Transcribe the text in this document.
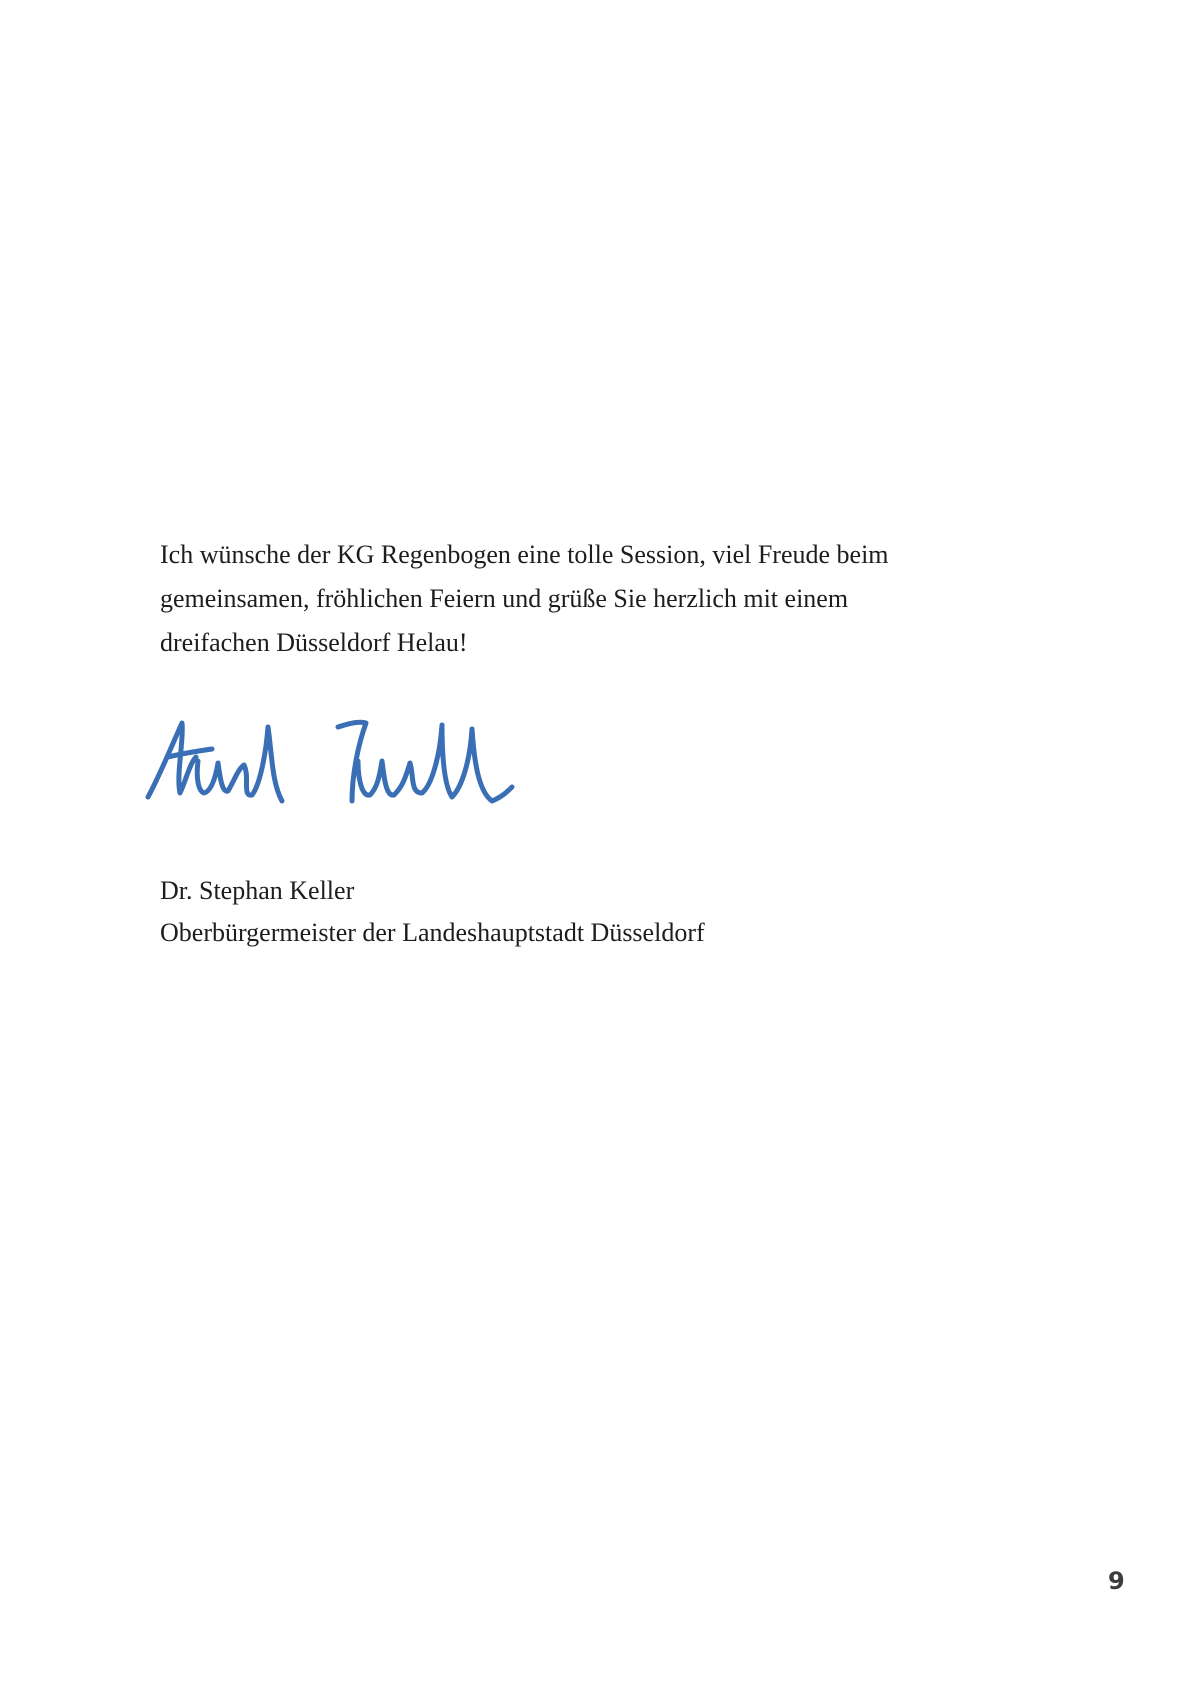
Ich wünsche der KG Regenbogen eine tolle Session, viel Freude beim
gemeinsamen, fröhlichen Feiern und grüße Sie herzlich mit einem
dreifachen Düsseldorf Helau!

Dr. Stephan Keller
Oberbürgermeister der Landeshauptstadt Düsseldorf
9
